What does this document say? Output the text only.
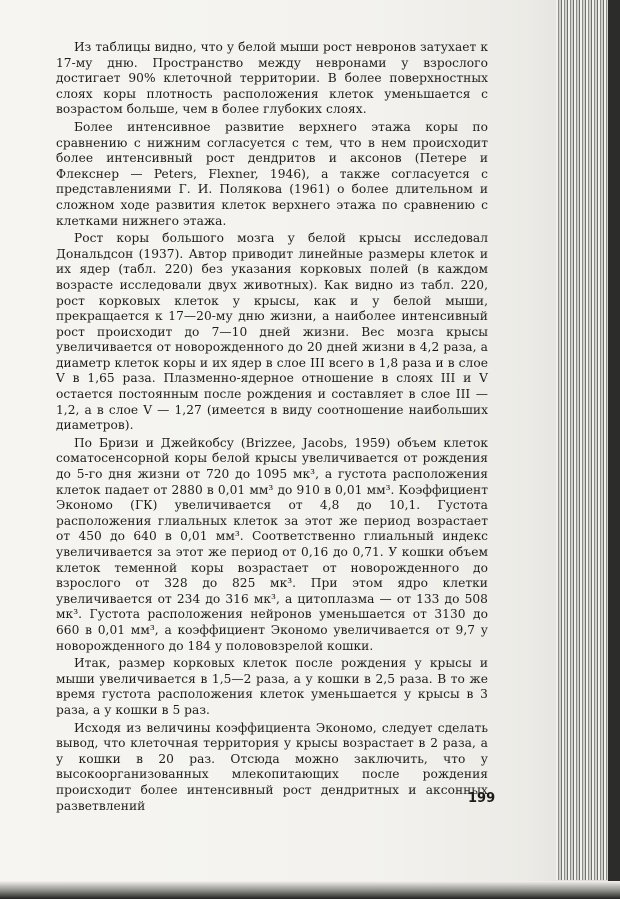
Из таблицы видно, что у белой мыши рост невронов затухает к 17-му дню. Пространство между невронами у взрослого достигает 90% клеточной территории. В более поверхностных слоях коры плотность расположения клеток уменьшается с возрастом больше, чем в более глубоких слоях.

Более интенсивное развитие верхнего этажа коры по сравнению с нижним согласуется с тем, что в нем происходит более интенсивный рост дендритов и аксонов (Петере и Флекснер — Peters, Flexner, 1946), а также согласуется с представлениями Г. И. Полякова (1961) о более длительном и сложном ходе развития клеток верхнего этажа по сравнению с клетками нижнего этажа.

Рост коры большого мозга у белой крысы исследовал Дональдсон (1937). Автор приводит линейные размеры клеток и их ядер (табл. 220) без указания корковых полей (в каждом возрасте исследовали двух животных). Как видно из табл. 220, рост корковых клеток у крысы, как и у белой мыши, прекращается к 17—20-му дню жизни, а наиболее интенсивный рост происходит до 7—10 дней жизни. Вес мозга крысы увеличивается от новорожденного до 20 дней жизни в 4,2 раза, а диаметр клеток коры и их ядер в слое III всего в 1,8 раза и в слое V в 1,65 раза. Плазменно-ядерное отношение в слоях III и V остается постоянным после рождения и составляет в слое III — 1,2, а в слое V — 1,27 (имеется в виду соотношение наибольших диаметров).

По Бризи и Джейкобсу (Brizzee, Jacobs, 1959) объем клеток соматосенсорной коры белой крысы увеличивается от рождения до 5-го дня жизни от 720 до 1095 мк³, а густота расположения клеток падает от 2880 в 0,01 мм³ до 910 в 0,01 мм³. Коэффициент Экономо (ГК) увеличивается от 4,8 до 10,1. Густота расположения глиальных клеток за этот же период возрастает от 450 до 640 в 0,01 мм³. Соответственно глиальный индекс увеличивается за этот же период от 0,16 до 0,71. У кошки объем клеток теменной коры возрастает от новорожденного до взрослого от 328 до 825 мк³. При этом ядро клетки увеличивается от 234 до 316 мк³, а цитоплазма — от 133 до 508 мк³. Густота расположения нейронов уменьшается от 3130 до 660 в 0,01 мм³, а коэффициент Экономо увеличивается от 9,7 у новорожденного до 184 у полововзрелой кошки.

Итак, размер корковых клеток после рождения у крысы и мыши увеличивается в 1,5—2 раза, а у кошки в 2,5 раза. В то же время густота расположения клеток уменьшается у крысы в 3 раза, а у кошки в 5 раз.

Исходя из величины коэффициента Экономо, следует сделать вывод, что клеточная территория у крысы возрастает в 2 раза, а у кошки в 20 раз. Отсюда можно заключить, что у высокоорганизованных млекопитающих после рождения происходит более интенсивный рост дендритных и аксонных разветвлений	199
